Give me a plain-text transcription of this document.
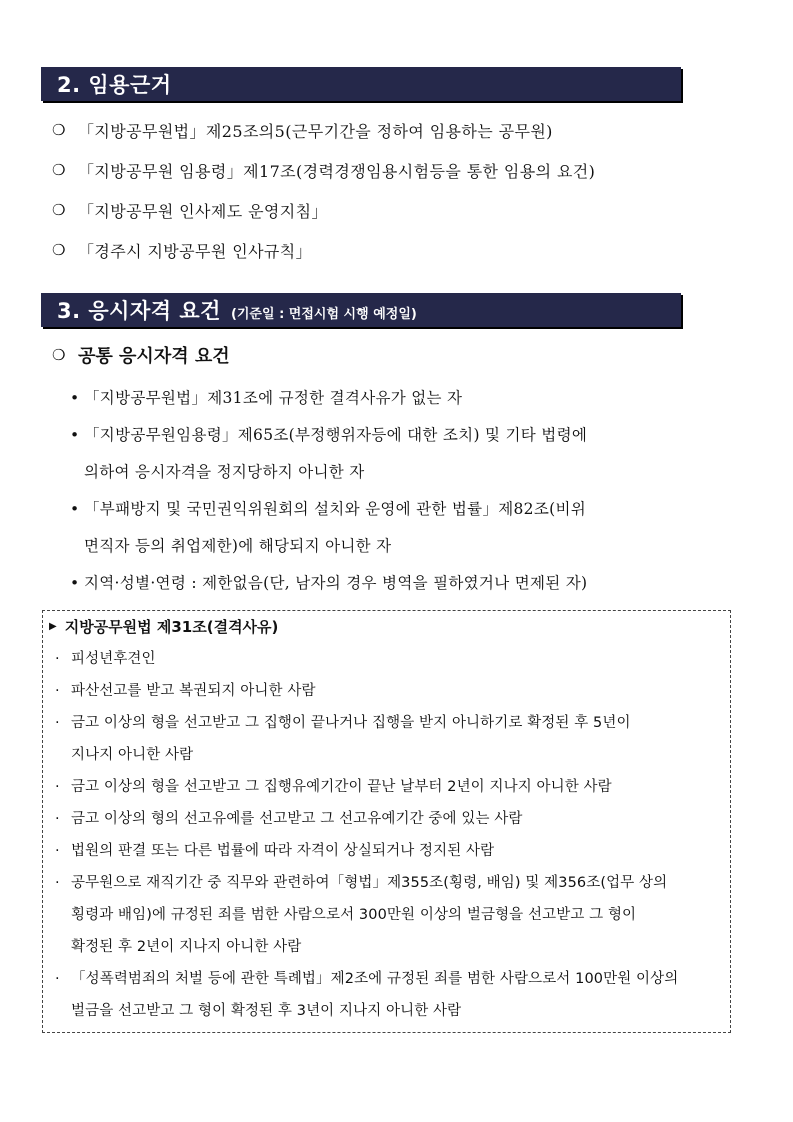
2. 임용근거
❍ 「지방공무원법」제25조의5(근무기간을 정하여 임용하는 공무원)
❍ 「지방공무원 임용령」제17조(경력경쟁임용시험등을 통한 임용의 요건)
❍ 「지방공무원 인사제도 운영지침」
❍ 「경주시 지방공무원 인사규칙」
3. 응시자격 요건 (기준일 : 면접시험 시행 예정일)
❍ 공통 응시자격 요건
• 「지방공무원법」제31조에 규정한 결격사유가 없는 자
• 「지방공무원임용령」제65조(부정행위자등에 대한 조치) 및 기타 법령에
의하여 응시자격을 정지당하지 아니한 자
• 「부패방지 및 국민권익위원회의 설치와 운영에 관한 법률」제82조(비위
면직자 등의 취업제한)에 해당되지 아니한 자
• 지역·성별·연령 : 제한없음(단, 남자의 경우 병역을 필하였거나 면제된 자)
▶ 지방공무원법 제31조(결격사유)
· 피성년후견인
· 파산선고를 받고 복권되지 아니한 사람
· 금고 이상의 형을 선고받고 그 집행이 끝나거나 집행을 받지 아니하기로 확정된 후 5년이
지나지 아니한 사람
· 금고 이상의 형을 선고받고 그 집행유예기간이 끝난 날부터 2년이 지나지 아니한 사람
· 금고 이상의 형의 선고유예를 선고받고 그 선고유예기간 중에 있는 사람
· 법원의 판결 또는 다른 법률에 따라 자격이 상실되거나 정지된 사람
· 공무원으로 재직기간 중 직무와 관련하여「형법」제355조(횡령, 배임) 및 제356조(업무 상의
횡령과 배임)에 규정된 죄를 범한 사람으로서 300만원 이상의 벌금형을 선고받고 그 형이
확정된 후 2년이 지나지 아니한 사람
· 「성폭력범죄의 처벌 등에 관한 특례법」제2조에 규정된 죄를 범한 사람으로서 100만원 이상의
벌금을 선고받고 그 형이 확정된 후 3년이 지나지 아니한 사람
